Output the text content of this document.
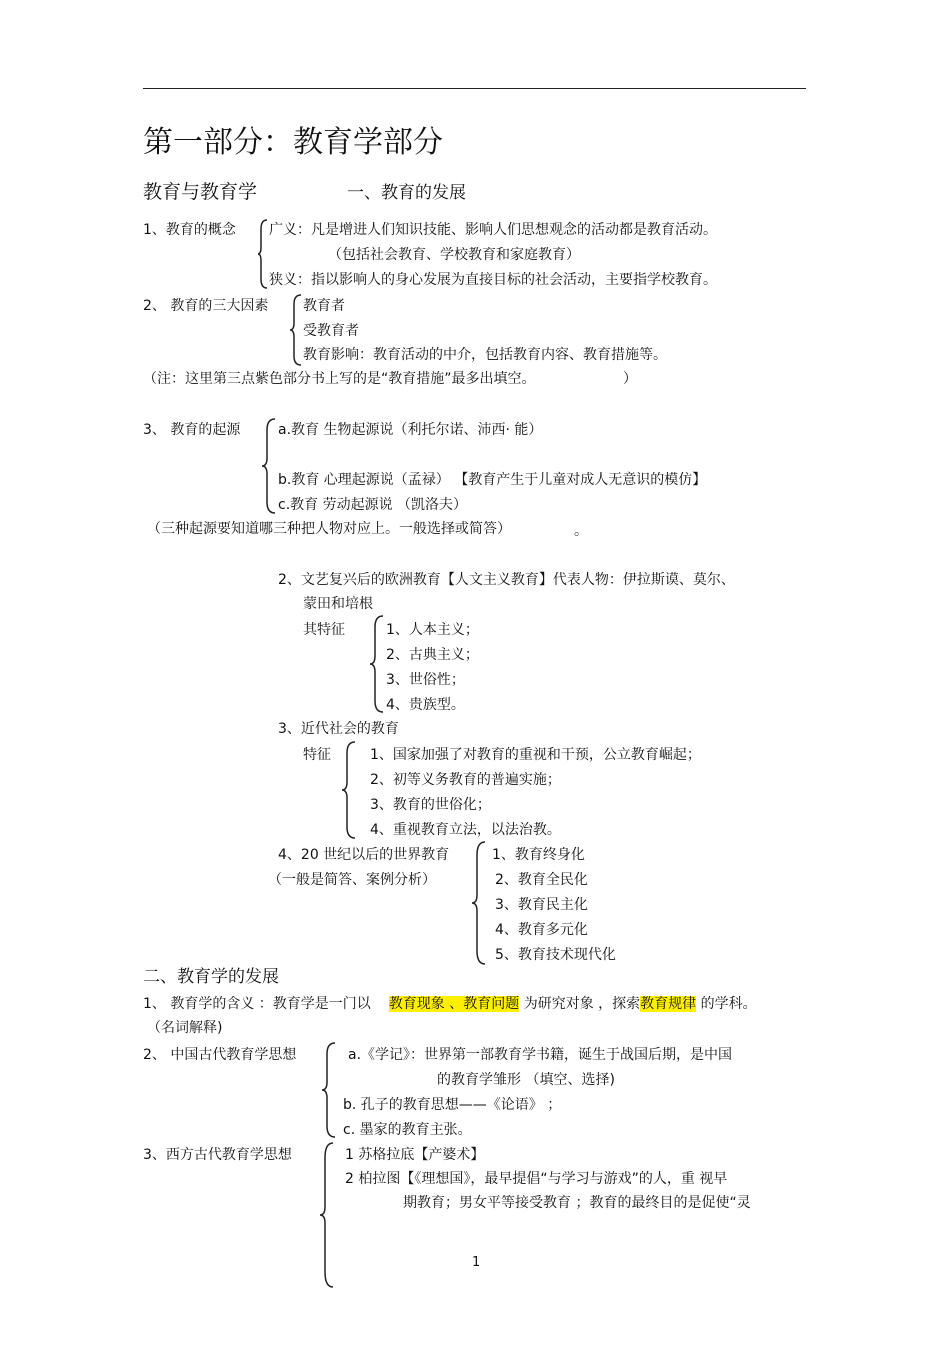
第一部分：教育学部分
教育与教育学	一、教育的发展
1、教育的概念 广义：凡是增进人们知识技能、影响人们思想观念的活动都是教育活动。
（包括社会教育、学校教育和家庭教育）
狭义：指以影响人的身心发展为直接目标的社会活动，主要指学校教育。
2、 教育的三大因素 教育者
受教育者
教育影响：教育活动的中介，包括教育内容、教育措施等。
（注：这里第三点紫色部分书上写的是“教育措施”最多出填空。	）
3、 教育的起源	a.教育 生物起源说（利托尔诺、沛西· 能）
b.教育 心理起源说（孟禄） 【教育产生于儿童对成人无意识的模仿】
c.教育 劳动起源说 （凯洛夫）
（三种起源要知道哪三种把人物对应上。一般选择或简答）	。
2、文艺复兴后的欧洲教育【人文主义教育】代表人物：伊拉斯谟、莫尔、
蒙田和培根
其特征	1、人本主义；
2、古典主义；
3、世俗性；
4、贵族型。
3、近代社会的教育
特征	1、国家加强了对教育的重视和干预，公立教育崛起；
2、初等义务教育的普遍实施；
3、教育的世俗化；
4、重视教育立法，以法治教。
4、20 世纪以后的世界教育
（一般是简答、案例分析）
1、教育终身化
2、教育全民化
3、教育民主化
4、教育多元化
5、教育技术现代化
二、教育学的发展
1、 教育学的含义 ：教育学是一门以 教育现象 、教育问题 为研究对象 ，探索教育规律 的学科。
（名词解释)
2、 中国古代教育学思想	a.《学记》：世界第一部教育学书籍，诞生于战国后期，是中国
的教育学雏形 （填空、选择)
b. 孔子的教育思想——《论语》 ；
c. 墨家的教育主张。
3、西方古代教育学思想	1 苏格拉底【产婆术】
2 柏拉图【《理想国》，最早提倡“与学习与游戏”的人，重 视早
期教育；男女平等接受教育 ；教育的最终目的是促使“灵
1
